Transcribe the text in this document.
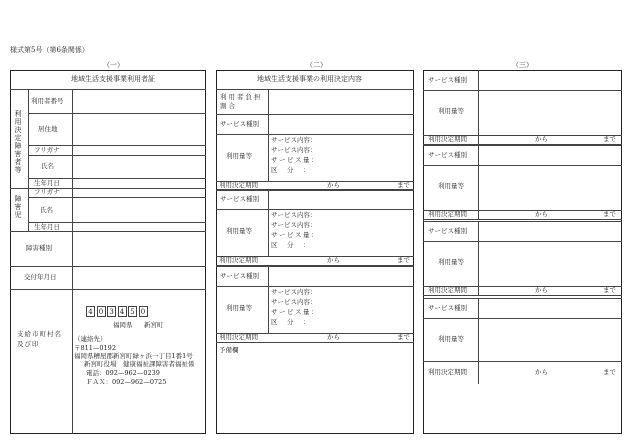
様式第5号（第6条関係）
（一）	（二）	（三）
地域生活支援事業利用者証
利用決定障害者等
利用者番号
居住地
フリガナ
氏名
生年月日
障害児
フリガナ
氏名
生年月日
障害種別
交付年月日
支給市町村名及び印
4 0 3 4 5 0
福岡県 新宮町
（連絡先）
〒811—0192
福岡県糟屋郡新宮町緑ヶ浜一丁目1番1号
新宮町役場　健康福祉課障害者福祉係
電話：092—962—0239
ＦＡＸ：092—962—0725
地域生活支援事業の利用決定内容
利用者負担割合
サービス種別
利用量等
サービス内容：
サービス内容：
サービス量：
区　分　：
利用決定期間	から	まで
サービス種別
利用量等
サービス内容：
サービス内容：
サービス量：
区　分　：
利用決定期間	から	まで
サービス種別
利用量等
サービス内容：
サービス内容：
サービス量：
区　分　：
利用決定期間	から	まで
予備欄
サービス種別
利用量等
利用決定期間	から	まで
サービス種別
利用量等
利用決定期間	から	まで
サービス種別
利用量等
利用決定期間	から	まで
サービス種別
利用量等
利用決定期間	から	まで
